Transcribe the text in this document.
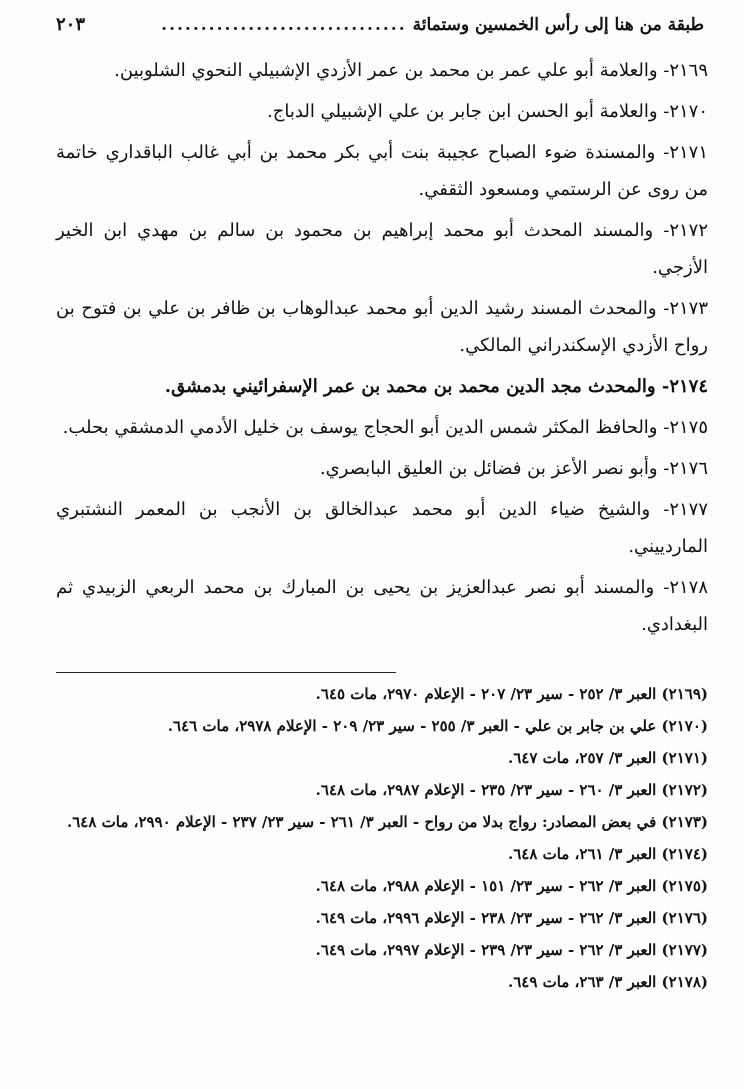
طبقة من هنا إلى رأس الخمسين وستمائة
...............................
٢٠٣

٢١٦٩- والعلامة أبو علي عمر بن محمد بن عمر الأزدي الإشبيلي النحوي الشلوبين.

٢١٧٠- والعلامة أبو الحسن ابن جابر بن علي الإشبيلي الدباج.

٢١٧١- والمسندة ضوء الصباح عجيبة بنت أبي بكر محمد بن أبي غالب الباقداري خاتمة من روى عن الرستمي ومسعود الثقفي.

٢١٧٢- والمسند المحدث أبو محمد إبراهيم بن محمود بن سالم بن مهدي ابن الخير الأزجي.

٢١٧٣- والمحدث المسند رشيد الدين أبو محمد عبدالوهاب بن ظافر بن علي بن فتوح بن رواح الأزدي الإسكندراني المالكي.

٢١٧٤- والمحدث مجد الدين محمد بن محمد بن عمر الإسفرائيني بدمشق.

٢١٧٥- والحافظ المكثر شمس الدين أبو الحجاج يوسف بن خليل الأدمي الدمشقي بحلب.

٢١٧٦- وأبو نصر الأعز بن فضائل بن العليق البابصري.

٢١٧٧- والشيخ ضياء الدين أبو محمد عبدالخالق بن الأنجب بن المعمر النشتبري الماردييني.

٢١٧٨- والمسند أبو نصر عبدالعزيز بن يحيى بن المبارك بن محمد الربعي الزبيدي ثم البغدادي.

(٢١٦٩) العبر ٣/ ٢٥٢ - سير ٢٣/ ٢٠٧ - الإعلام ٢٩٧٠، مات ٦٤٥.

(٢١٧٠) علي بن جابر بن علي - العبر ٣/ ٢٥٥ - سير ٢٣/ ٢٠٩ - الإعلام ٢٩٧٨، مات ٦٤٦.

(٢١٧١) العبر ٣/ ٢٥٧، مات ٦٤٧.

(٢١٧٢) العبر ٣/ ٢٦٠ - سير ٢٣/ ٢٣٥ - الإعلام ٢٩٨٧، مات ٦٤٨.

(٢١٧٣) في بعض المصادر: رواج بدلا من رواح - العبر ٣/ ٢٦١ - سير ٢٣/ ٢٣٧ - الإعلام ٢٩٩٠، مات ٦٤٨.

(٢١٧٤) العبر ٣/ ٢٦١، مات ٦٤٨.

(٢١٧٥) العبر ٣/ ٢٦٢ - سير ٢٣/ ١٥١ - الإعلام ٢٩٨٨، مات ٦٤٨.

(٢١٧٦) العبر ٣/ ٢٦٢ - سير ٢٣/ ٢٣٨ - الإعلام ٢٩٩٦، مات ٦٤٩.

(٢١٧٧) العبر ٣/ ٢٦٢ - سير ٢٣/ ٢٣٩ - الإعلام ٢٩٩٧، مات ٦٤٩.

(٢١٧٨) العبر ٣/ ٢٦٣، مات ٦٤٩.
